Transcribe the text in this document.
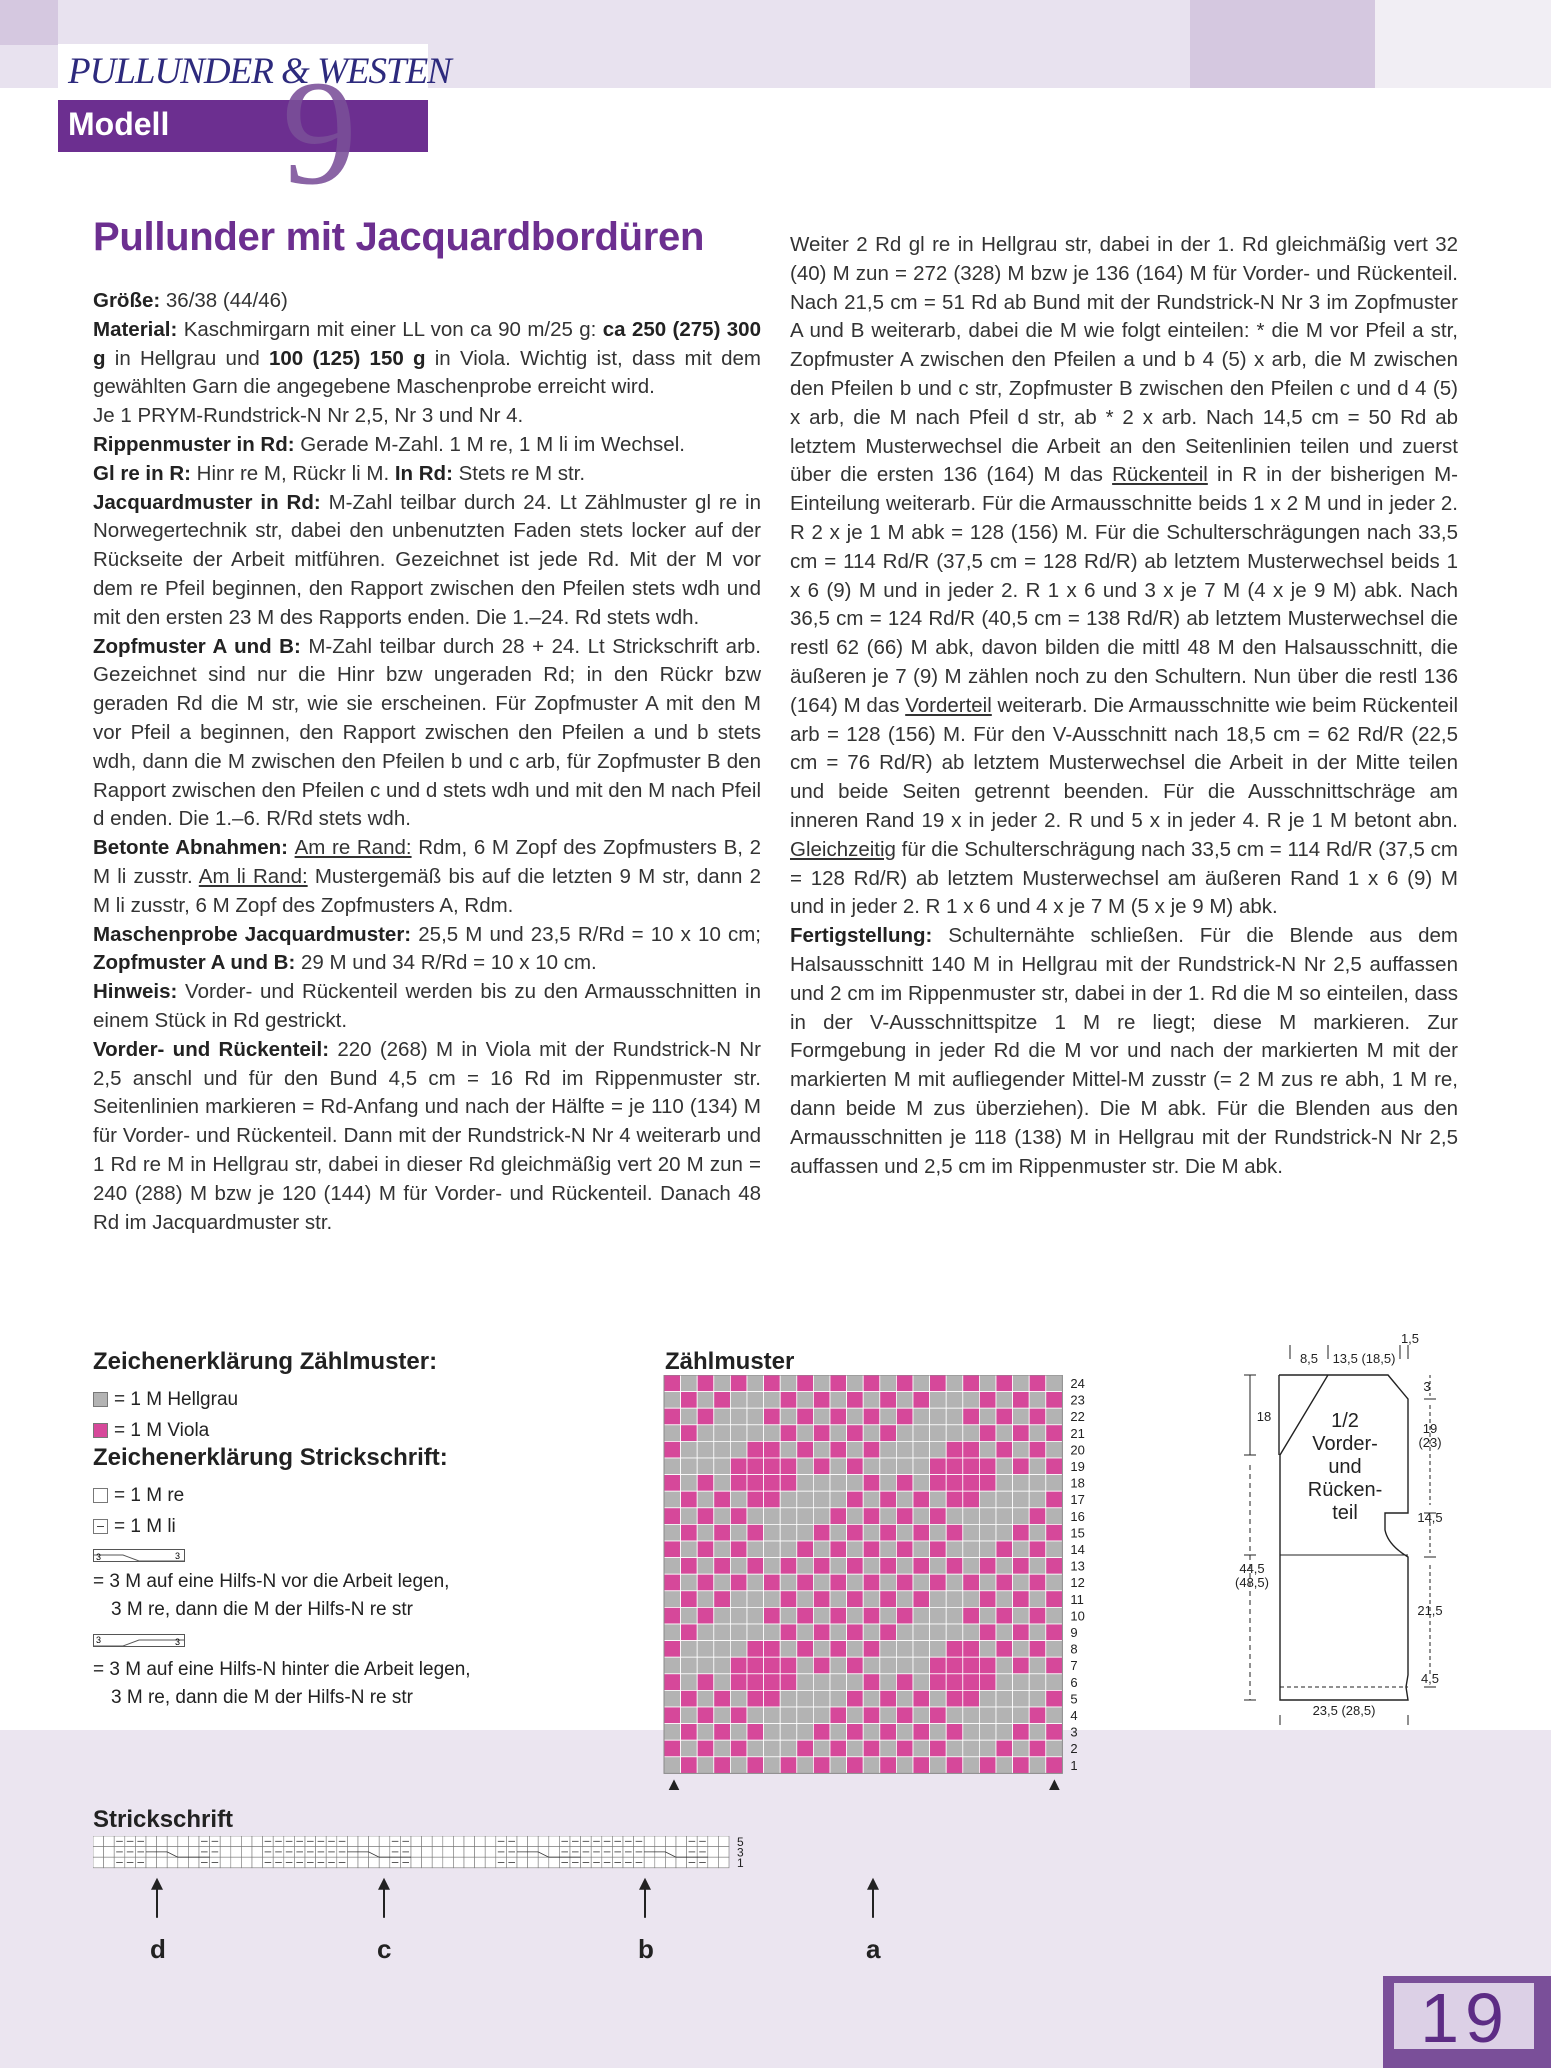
PULLUNDER & WESTEN
Modell 9
Pullunder mit Jacquardbordüren

Größe: 36/38 (44/46)

Material: Kaschmirgarn mit einer LL von ca 90 m/25 g: ca 250 (275) 300 g in Hellgrau und 100 (125) 150 g in Viola. Wichtig ist, dass mit dem gewählten Garn die angegebene Maschenprobe erreicht wird.

Je 1 PRYM-Rundstrick-N Nr 2,5, Nr 3 und Nr 4.

Rippenmuster in Rd: Gerade M-Zahl. 1 M re, 1 M li im Wechsel.

Gl re in R: Hinr re M, Rückr li M. In Rd: Stets re M str.

Jacquardmuster in Rd: M-Zahl teilbar durch 24. Lt Zählmuster gl re in Norwegertechnik str, dabei den unbenutzten Faden stets locker auf der Rückseite der Arbeit mitführen. Gezeichnet ist jede Rd. Mit der M vor dem re Pfeil beginnen, den Rapport zwischen den Pfeilen stets wdh und mit den ersten 23 M des Rapports enden. Die 1.–24. Rd stets wdh.

Zopfmuster A und B: M-Zahl teilbar durch 28 + 24. Lt Strickschrift arb. Gezeichnet sind nur die Hinr bzw ungeraden Rd; in den Rückr bzw geraden Rd die M str, wie sie erscheinen. Für Zopfmuster A mit den M vor Pfeil a beginnen, den Rapport zwischen den Pfeilen a und b stets wdh, dann die M zwischen den Pfeilen b und c arb, für Zopfmuster B den Rapport zwischen den Pfeilen c und d stets wdh und mit den M nach Pfeil d enden. Die 1.–6. R/Rd stets wdh.

Betonte Abnahmen: Am re Rand: Rdm, 6 M Zopf des Zopfmusters B, 2 M li zusstr. Am li Rand: Mustergemäß bis auf die letzten 9 M str, dann 2 M li zusstr, 6 M Zopf des Zopfmusters A, Rdm.

Maschenprobe Jacquardmuster: 25,5 M und 23,5 R/Rd = 10 x 10 cm; Zopfmuster A und B: 29 M und 34 R/Rd = 10 x 10 cm.

Hinweis: Vorder- und Rückenteil werden bis zu den Armausschnitten in einem Stück in Rd gestrickt.

Vorder- und Rückenteil: 220 (268) M in Viola mit der Rundstrick-N Nr 2,5 anschl und für den Bund 4,5 cm = 16 Rd im Rippenmuster str. Seitenlinien markieren = Rd-Anfang und nach der Hälfte = je 110 (134) M für Vorder- und Rückenteil. Dann mit der Rundstrick-N Nr 4 weiterarb und 1 Rd re M in Hellgrau str, dabei in dieser Rd gleichmäßig vert 20 M zun = 240 (288) M bzw je 120 (144) M für Vorder- und Rückenteil. Danach 48 Rd im Jacquardmuster str.

Weiter 2 Rd gl re in Hellgrau str, dabei in der 1. Rd gleichmäßig vert 32 (40) M zun = 272 (328) M bzw je 136 (164) M für Vorder- und Rückenteil. Nach 21,5 cm = 51 Rd ab Bund mit der Rundstrick-N Nr 3 im Zopfmuster A und B weiterarb, dabei die M wie folgt einteilen: * die M vor Pfeil a str, Zopfmuster A zwischen den Pfeilen a und b 4 (5) x arb, die M zwischen den Pfeilen b und c str, Zopfmuster B zwischen den Pfeilen c und d 4 (5) x arb, die M nach Pfeil d str, ab * 2 x arb. Nach 14,5 cm = 50 Rd ab letztem Musterwechsel die Arbeit an den Seitenlinien teilen und zuerst über die ersten 136 (164) M das Rückenteil in R in der bisherigen M-Einteilung weiterarb. Für die Armausschnitte beids 1 x 2 M und in jeder 2. R 2 x je 1 M abk = 128 (156) M. Für die Schulterschrägungen nach 33,5 cm = 114 Rd/R (37,5 cm = 128 Rd/R) ab letztem Musterwechsel beids 1 x 6 (9) M und in jeder 2. R 1 x 6 und 3 x je 7 M (4 x je 9 M) abk. Nach 36,5 cm = 124 Rd/R (40,5 cm = 138 Rd/R) ab letztem Musterwechsel die restl 62 (66) M abk, davon bilden die mittl 48 M den Halsausschnitt, die äußeren je 7 (9) M zählen noch zu den Schultern. Nun über die restl 136 (164) M das Vorderteil weiterarb. Die Armausschnitte wie beim Rückenteil arb = 128 (156) M. Für den V-Ausschnitt nach 18,5 cm = 62 Rd/R (22,5 cm = 76 Rd/R) ab letztem Musterwechsel die Arbeit in der Mitte teilen und beide Seiten getrennt beenden. Für die Ausschnittschräge am inneren Rand 19 x in jeder 2. R und 5 x in jeder 4. R je 1 M betont abn. Gleichzeitig für die Schulterschrägung nach 33,5 cm = 114 Rd/R (37,5 cm = 128 Rd/R) ab letztem Musterwechsel am äußeren Rand 1 x 6 (9) M und in jeder 2. R 1 x 6 und 4 x je 7 M (5 x je 9 M) abk.

Fertigstellung: Schulternähte schließen. Für die Blende aus dem Halsausschnitt 140 M in Hellgrau mit der Rundstrick-N Nr 2,5 auffassen und 2 cm im Rippenmuster str, dabei in der 1. Rd die M so einteilen, dass in der V-Ausschnittspitze 1 M re liegt; diese M markieren. Zur Formgebung in jeder Rd die M vor und nach der markierten M mit der markierten M mit aufliegender Mittel-M zusstr (= 2 M zus re abh, 1 M re, dann beide M zus überziehen). Die M abk. Für die Blenden aus den Armausschnitten je 118 (138) M in Hellgrau mit der Rundstrick-N Nr 2,5 auffassen und 2,5 cm im Rippenmuster str. Die M abk.

Zeichenerklärung Zählmuster:
= 1 M Hellgrau
= 1 M Viola
Zeichenerklärung Strickschrift:
= 1 M re
= 1 M li
3	3
= 3 M auf eine Hilfs-N vor die Arbeit legen,
3 M re, dann die M der Hilfs-N re str
3	3
= 3 M auf eine Hilfs-N hinter die Arbeit legen,
3 M re, dann die M der Hilfs-N re str
Zählmuster
24
23
22
21
20
19
18
17
16
15
14
13
12
11
10
9
8
7
6
5
4
3
2
1
Strickschrift
5
3
1
d	c	b	a
8,5 13,5 (18,5)
1,5
3
18
19
(23)
14,5
44,5
(48,5)
21,5
4,5
23,5 (28,5)
1/2
Vorder-
und
Rücken-
teil
19
